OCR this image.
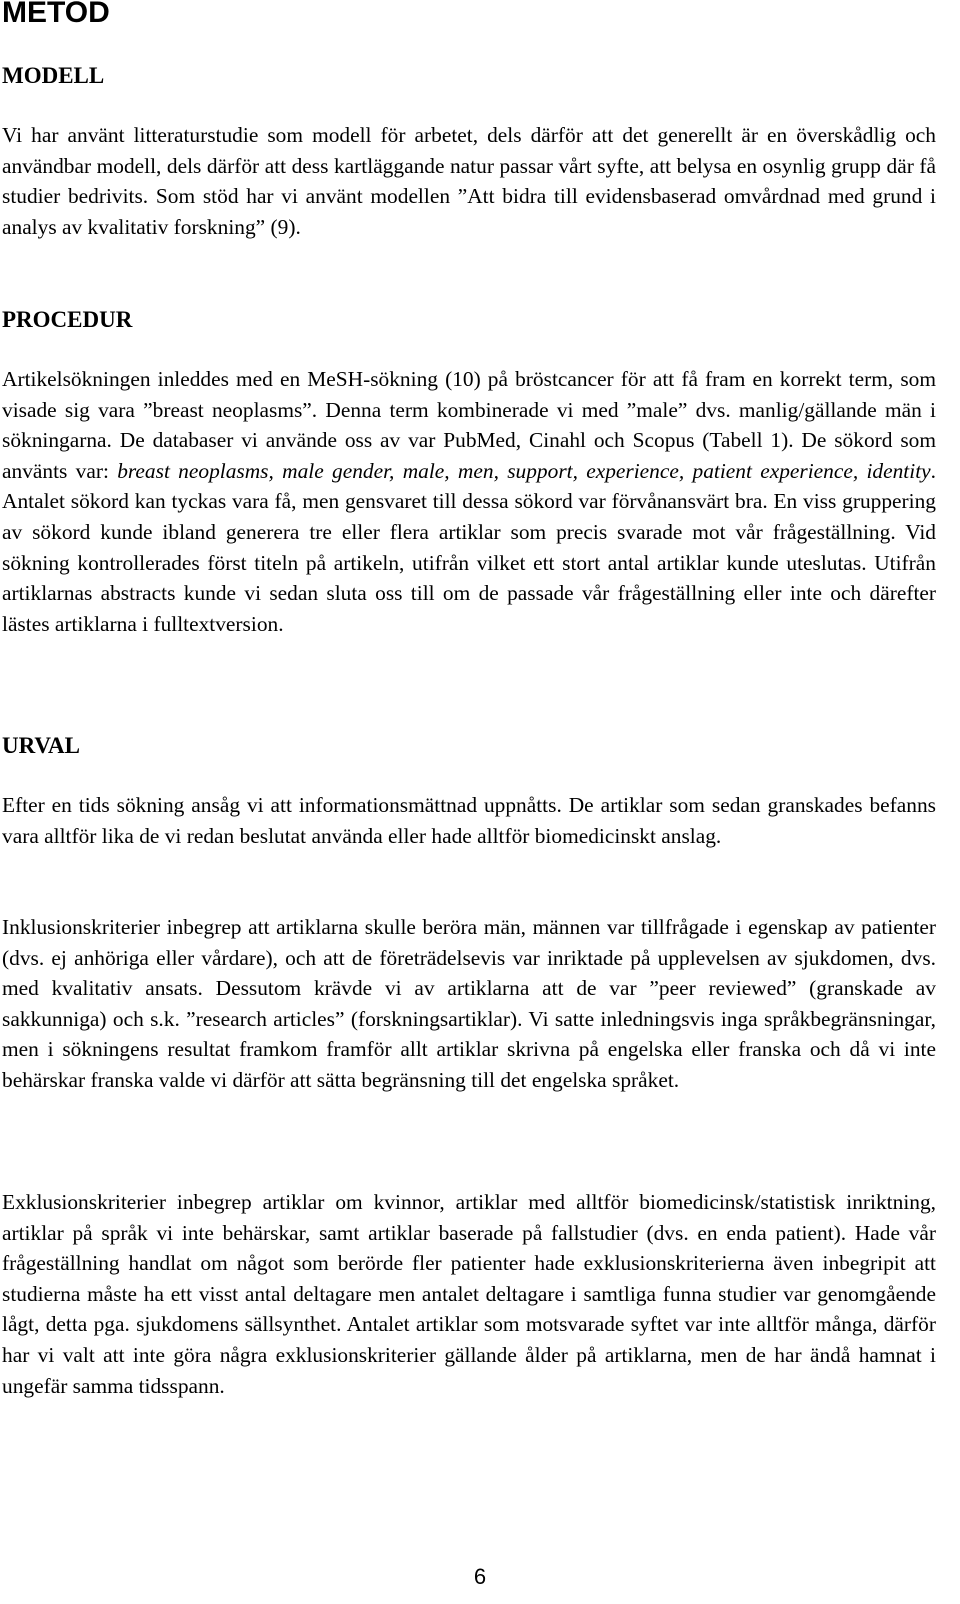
METOD
MODELL

Vi har använt litteraturstudie som modell för arbetet, dels därför att det generellt är en överskådlig och användbar modell, dels därför att dess kartläggande natur passar vårt syfte, att belysa en osynlig grupp där få studier bedrivits. Som stöd har vi använt modellen ”Att bidra till evidensbaserad omvårdnad med grund i analys av kvalitativ forskning” (9).

PROCEDUR

Artikelsökningen inleddes med en MeSH-sökning (10) på bröstcancer för att få fram en korrekt term, som visade sig vara ”breast neoplasms”. Denna term kombinerade vi med ”male” dvs. manlig/gällande män i sökningarna. De databaser vi använde oss av var PubMed, Cinahl och Scopus (Tabell 1). De sökord som använts var: breast neoplasms, male gender, male, men, support, experience, patient experience, identity. Antalet sökord kan tyckas vara få, men gensvaret till dessa sökord var förvånansvärt bra. En viss gruppering av sökord kunde ibland generera tre eller flera artiklar som precis svarade mot vår frågeställning. Vid sökning kontrollerades först titeln på artikeln, utifrån vilket ett stort antal artiklar kunde uteslutas. Utifrån artiklarnas abstracts kunde vi sedan sluta oss till om de passade vår frågeställning eller inte och därefter lästes artiklarna i fulltextversion.

URVAL

Efter en tids sökning ansåg vi att informationsmättnad uppnåtts. De artiklar som sedan granskades befanns vara alltför lika de vi redan beslutat använda eller hade alltför biomedicinskt anslag.

Inklusionskriterier inbegrep att artiklarna skulle beröra män, männen var tillfrågade i egenskap av patienter (dvs. ej anhöriga eller vårdare), och att de företrädelsevis var inriktade på upplevelsen av sjukdomen, dvs. med kvalitativ ansats. Dessutom krävde vi av artiklarna att de var ”peer reviewed” (granskade av sakkunniga) och s.k. ”research articles” (forskningsartiklar). Vi satte inledningsvis inga språkbegränsningar, men i sökningens resultat framkom framför allt artiklar skrivna på engelska eller franska och då vi inte behärskar franska valde vi därför att sätta begränsning till det engelska språket.

Exklusionskriterier inbegrep artiklar om kvinnor, artiklar med alltför biomedicinsk/statistisk inriktning, artiklar på språk vi inte behärskar, samt artiklar baserade på fallstudier (dvs. en enda patient). Hade vår frågeställning handlat om något som berörde fler patienter hade exklusionskriterierna även inbegripit att studierna måste ha ett visst antal deltagare men antalet deltagare i samtliga funna studier var genomgående lågt, detta pga. sjukdomens sällsynthet. Antalet artiklar som motsvarade syftet var inte alltför många, därför har vi valt att inte göra några exklusionskriterier gällande ålder på artiklarna, men de har ändå hamnat i ungefär samma tidsspann.

6
